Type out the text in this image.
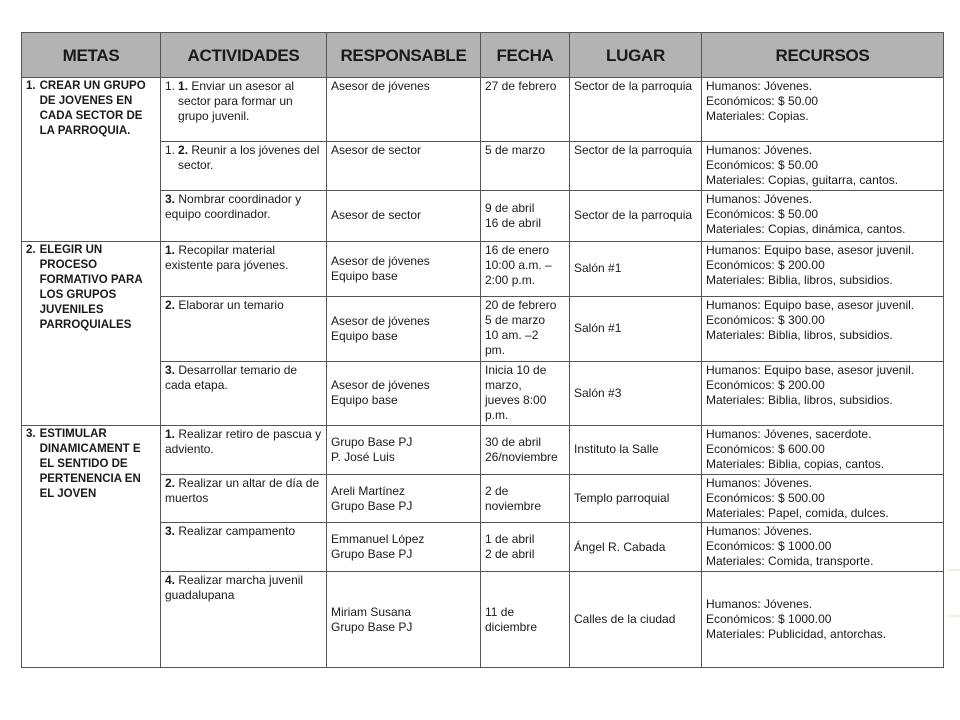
METAS	ACTIVIDADES	RESPONSABLE	FECHA	LUGAR	RECURSOS

1. CREAR UN GRUPO DE JOVENES EN CADA SECTOR DE LA PARROQUIA.	1. 1. Enviar un asesor al sector para formar un grupo juvenil.	Asesor de jóvenes	27 de febrero	Sector de la parroquia	Humanos: Jóvenes.
Económicos: $ 50.00
Materiales: Copias.

	1. 2. Reunir a los jóvenes del sector.	Asesor de sector	5 de marzo	Sector de la parroquia	Humanos: Jóvenes.
Económicos: $ 50.00
Materiales: Copias, guitarra, cantos.

	3. Nombrar coordinador y equipo coordinador.	Asesor de sector	9 de abril
16 de abril	Sector de la parroquia	Humanos: Jóvenes.
Económicos: $ 50.00
Materiales: Copias, dinámica, cantos.

2. ELEGIR UN PROCESO FORMATIVO PARA LOS GRUPOS JUVENILES PARROQUIALES	1. Recopilar material existente para jóvenes.	Asesor de jóvenes
Equipo base	16 de enero
10:00 a.m. –
2:00 p.m.	Salón #1	Humanos: Equipo base, asesor juvenil.
Económicos: $ 200.00
Materiales: Biblia, libros, subsidios.

	2. Elaborar un temario	Asesor de jóvenes
Equipo base	20 de febrero
5 de marzo
10 am. –2
pm.	Salón #1	Humanos: Equipo base, asesor juvenil.
Económicos: $ 300.00
Materiales: Biblia, libros, subsidios.

	3. Desarrollar temario de cada etapa.	Asesor de jóvenes
Equipo base	Inicia 10 de
marzo,
jueves 8:00
p.m.	Salón #3	Humanos: Equipo base, asesor juvenil.
Económicos: $ 200.00
Materiales: Biblia, libros, subsidios.

3. ESTIMULAR DINAMICAMENT E EL SENTIDO DE PERTENENCIA EN EL JOVEN	1. Realizar retiro de pascua y adviento.	Grupo Base PJ
P. José Luis	30 de abril
26/noviembre	Instituto la Salle	Humanos: Jóvenes, sacerdote.
Económicos: $ 600.00
Materiales: Biblia, copias, cantos.

	2. Realizar un altar de día de muertos	Areli Martínez
Grupo Base PJ	2 de
noviembre	Templo parroquial	Humanos: Jóvenes.
Económicos: $ 500.00
Materiales: Papel, comida, dulces.

	3. Realizar campamento	Emmanuel López
Grupo Base PJ	1 de abril
2 de abril	Ángel R. Cabada	Humanos: Jóvenes.
Económicos: $ 1000.00
Materiales: Comida, transporte.

	4. Realizar marcha juvenil guadalupana	Miriam Susana
Grupo Base PJ	11 de
diciembre	Calles de la ciudad	Humanos: Jóvenes.
Económicos: $ 1000.00
Materiales: Publicidad, antorchas.
